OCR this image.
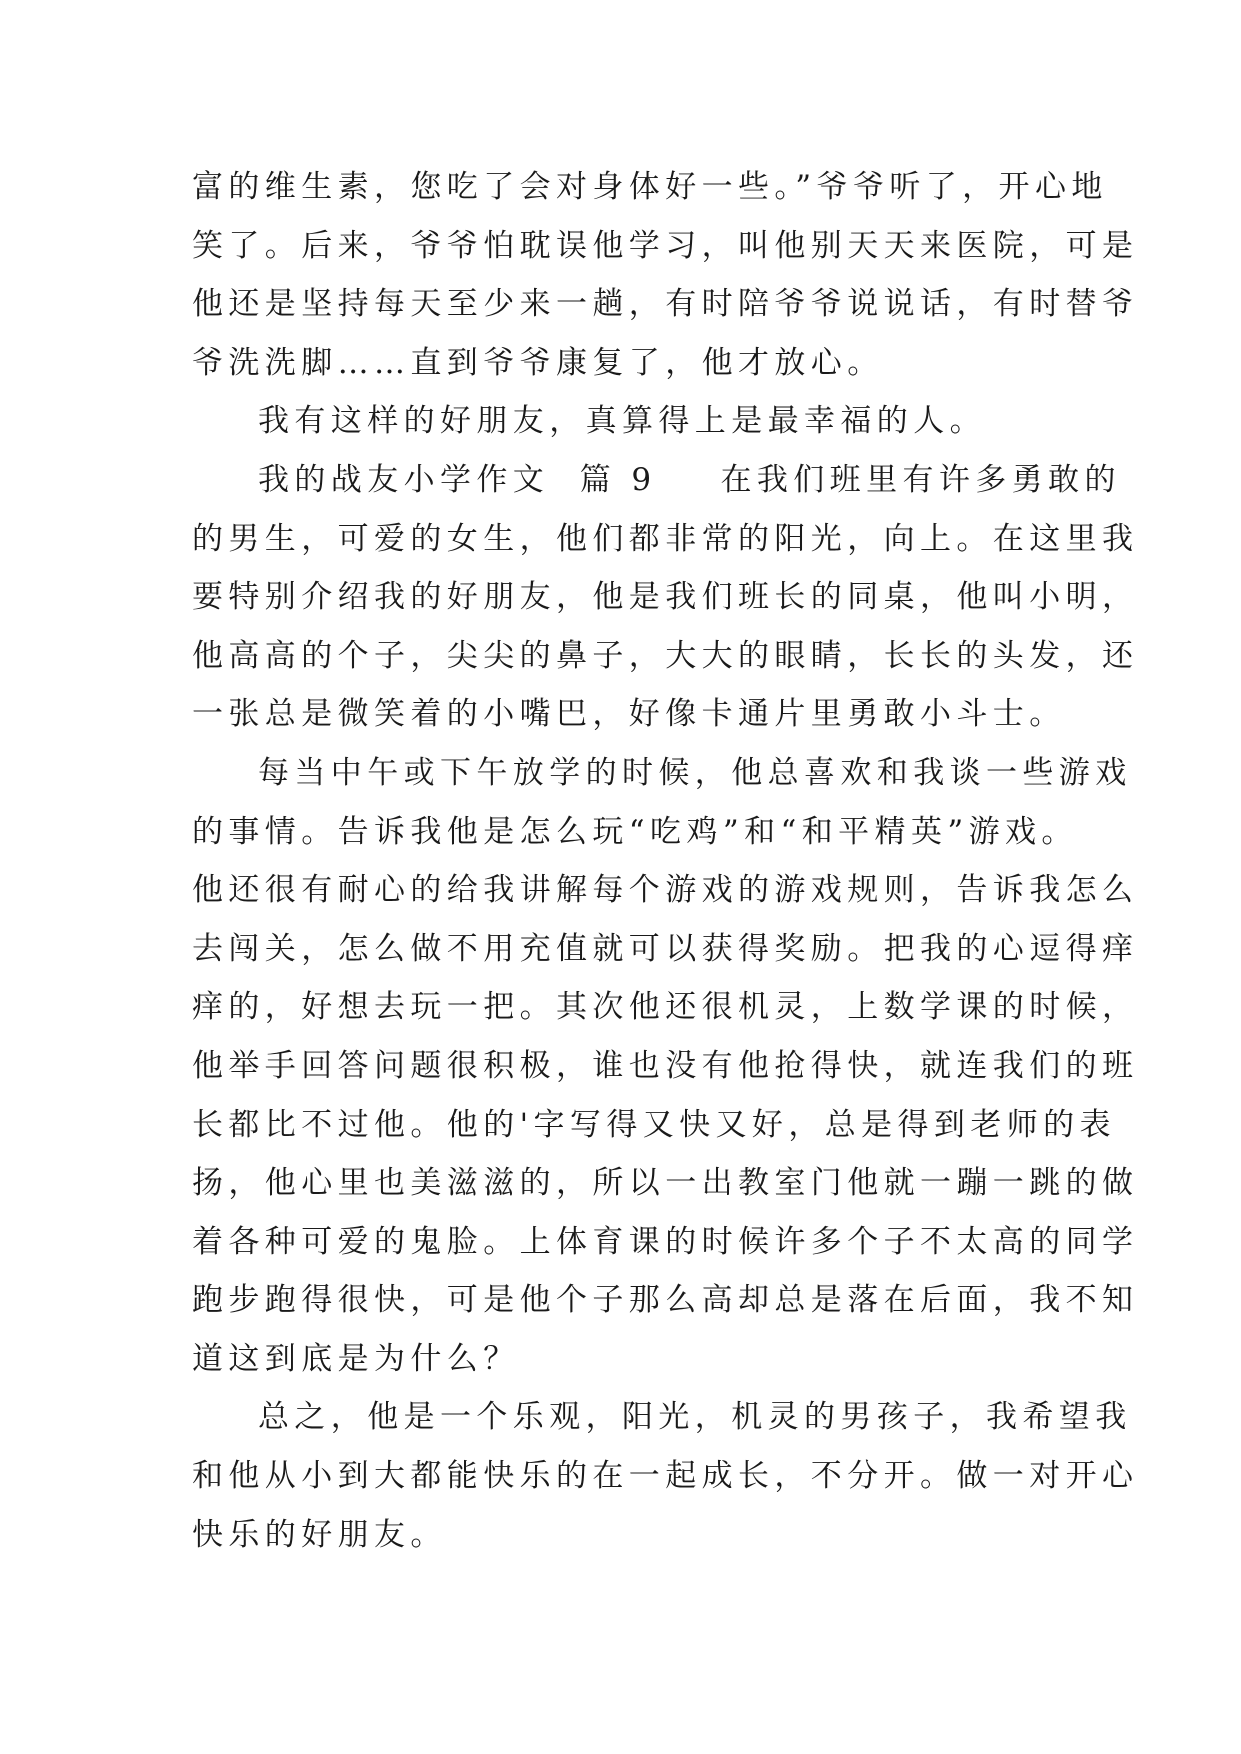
富的维生素，您吃了会对身体好一些。”爷爷听了，开心地
笑了。后来，爷爷怕耽误他学习，叫他别天天来医院，可是
他还是坚持每天至少来一趟，有时陪爷爷说说话，有时替爷
爷洗洗脚……直到爷爷康复了，他才放心。
我有这样的好朋友，真算得上是最幸福的人。
我的战友小学作文  篇 9 在我们班里有许多勇敢的
的男生，可爱的女生，他们都非常的阳光，向上。在这里我
要特别介绍我的好朋友，他是我们班长的同桌，他叫小明，
他高高的个子，尖尖的鼻子，大大的眼睛，长长的头发，还
一张总是微笑着的小嘴巴，好像卡通片里勇敢小斗士。
每当中午或下午放学的时候，他总喜欢和我谈一些游戏
的事情。告诉我他是怎么玩“吃鸡”和“和平精英”游戏。
他还很有耐心的给我讲解每个游戏的游戏规则，告诉我怎么
去闯关，怎么做不用充值就可以获得奖励。把我的心逗得痒
痒的，好想去玩一把。其次他还很机灵，上数学课的时候，
他举手回答问题很积极，谁也没有他抢得快，就连我们的班
长都比不过他。他的'字写得又快又好，总是得到老师的表
扬，他心里也美滋滋的，所以一出教室门他就一蹦一跳的做
着各种可爱的鬼脸。上体育课的时候许多个子不太高的同学
跑步跑得很快，可是他个子那么高却总是落在后面，我不知
道这到底是为什么？
总之，他是一个乐观，阳光，机灵的男孩子，我希望我
和他从小到大都能快乐的在一起成长，不分开。做一对开心
快乐的好朋友。
